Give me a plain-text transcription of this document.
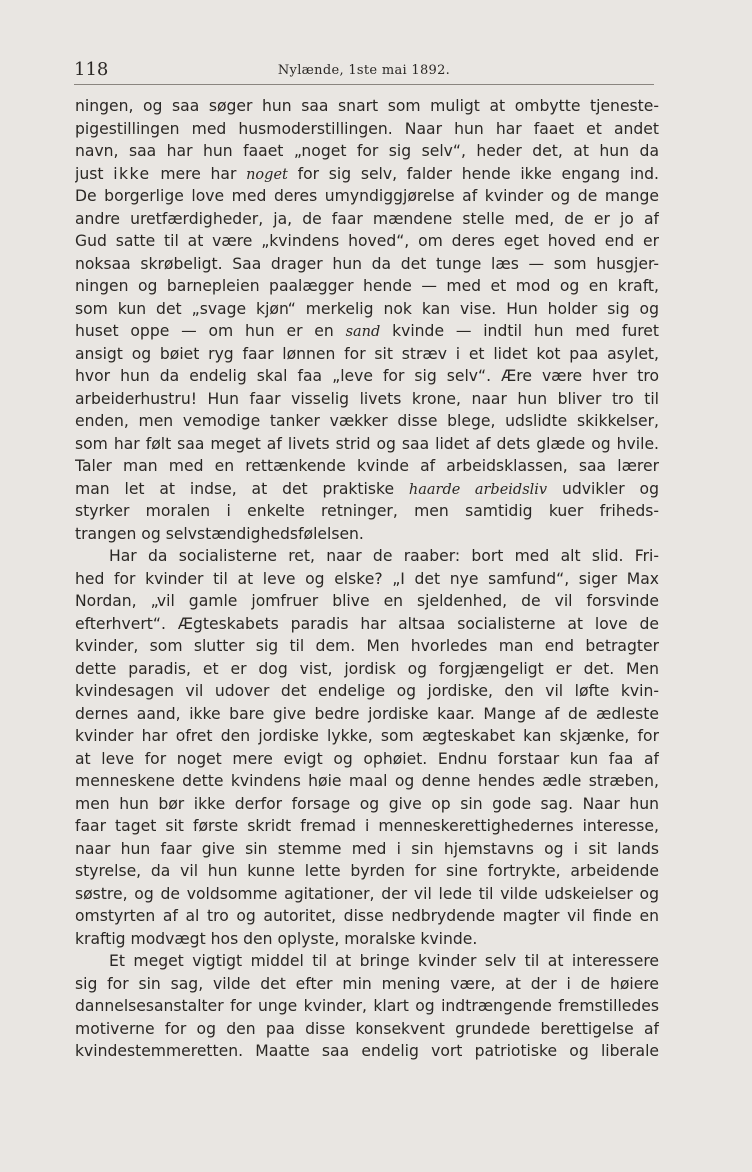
118	Nylænde, 1ste mai 1892.
ningen, og saa søger hun saa snart som muligt at ombytte tjeneste-
pigestillingen med husmoderstillingen. Naar hun har faaet et andet
navn, saa har hun faaet „noget for sig selv“, heder det, at hun da
just ikke mere har noget for sig selv, falder hende ikke engang ind.
De borgerlige love med deres umyndiggjørelse af kvinder og de mange
andre uretfærdigheder, ja, de faar mændene stelle med, de er jo af
Gud satte til at være „kvindens hoved“, om deres eget hoved end er
noksaa skrøbeligt. Saa drager hun da det tunge læs — som husgjer-
ningen og barnepleien paalægger hende — med et mod og en kraft,
som kun det „svage kjøn“ merkelig nok kan vise. Hun holder sig og
huset oppe — om hun er en sand kvinde — indtil hun med furet
ansigt og bøiet ryg faar lønnen for sit stræv i et lidet kot paa asylet,
hvor hun da endelig skal faa „leve for sig selv“. Ære være hver tro
arbeiderhustru! Hun faar visselig livets krone, naar hun bliver tro til
enden, men vemodige tanker vækker disse blege, udslidte skikkelser,
som har følt saa meget af livets strid og saa lidet af dets glæde og hvile.
Taler man med en rettænkende kvinde af arbeidsklassen, saa lærer
man let at indse, at det praktiske haarde arbeidsliv udvikler og
styrker moralen i enkelte retninger, men samtidig kuer friheds-
trangen og selvstændighedsfølelsen.
Har da socialisterne ret, naar de raaber: bort med alt slid. Fri-
hed for kvinder til at leve og elske? „I det nye samfund“, siger Max
Nordan, „vil gamle jomfruer blive en sjeldenhed, de vil forsvinde
efterhvert“. Ægteskabets paradis har altsaa socialisterne at love de
kvinder, som slutter sig til dem. Men hvorledes man end betragter
dette paradis, et er dog vist, jordisk og forgjængeligt er det. Men
kvindesagen vil udover det endelige og jordiske, den vil løfte kvin-
dernes aand, ikke bare give bedre jordiske kaar. Mange af de ædleste
kvinder har ofret den jordiske lykke, som ægteskabet kan skjænke, for
at leve for noget mere evigt og ophøiet. Endnu forstaar kun faa af
menneskene dette kvindens høie maal og denne hendes ædle stræben,
men hun bør ikke derfor forsage og give op sin gode sag. Naar hun
faar taget sit første skridt fremad i menneskerettighedernes interesse,
naar hun faar give sin stemme med i sin hjemstavns og i sit lands
styrelse, da vil hun kunne lette byrden for sine fortrykte, arbeidende
søstre, og de voldsomme agitationer, der vil lede til vilde udskeielser og
omstyrten af al tro og autoritet, disse nedbrydende magter vil finde en
kraftig modvægt hos den oplyste, moralske kvinde.
Et meget vigtigt middel til at bringe kvinder selv til at interessere
sig for sin sag, vilde det efter min mening være, at der i de høiere
dannelsesanstalter for unge kvinder, klart og indtrængende fremstilledes
motiverne for og den paa disse konsekvent grundede berettigelse af
kvindestemmeretten. Maatte saa endelig vort patriotiske og liberale
